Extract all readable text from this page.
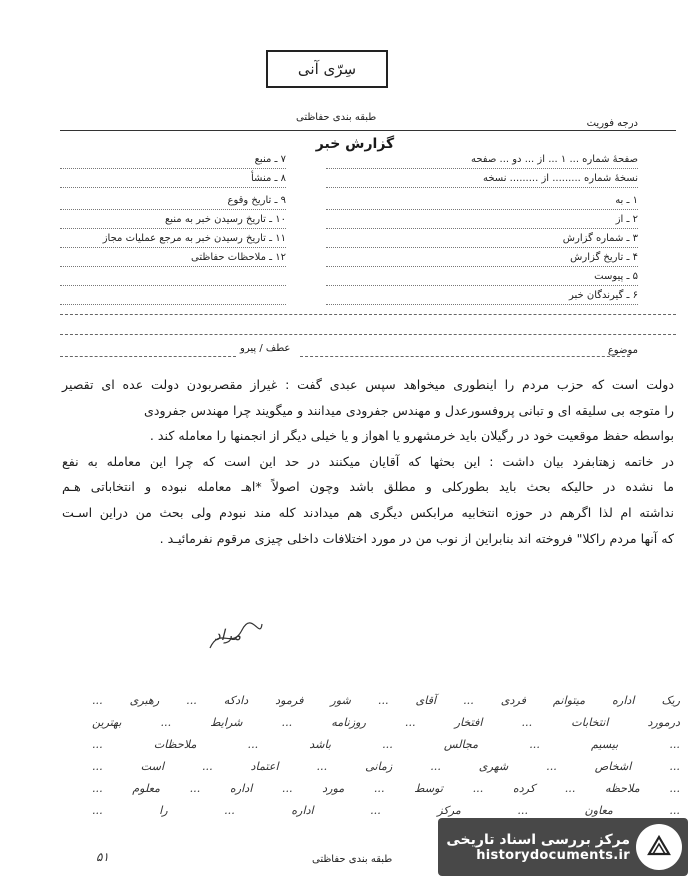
سِرّی آنی
طبقه بندی حفاظتی
درجه فوریت
گزارش خبر
صفحهٔ شماره ... ۱ ... از ... دو ... صفحه
نسخهٔ شماره ......... از ......... نسخه
۱ ـ به
۲ ـ از
۳ ـ شماره گزارش
۴ ـ تاریخ گزارش
۵ ـ پیوست
۶ ـ گیرندگان خبر
۷ ـ منبع
۸ ـ منشأ
۹ ـ تاریخ وقوع
۱۰ ـ تاریخ رسیدن خبر به منبع
۱۱ ـ تاریخ رسیدن خبر به مرجع عملیات مجاز
۱۲ ـ ملاحظات حفاظتی
موضوع
عطف / پیرو

دولت است که حزب مردم را اینطوری میخواهد سپس عبدی گفت : غیراز مقصربودن دولت عده ای تقصیر

را متوجه بی سلیقه ای و تبانی پروفسورعدل و مهندس جفرودی میدانند و میگویند چرا مهندس جفرودی

بواسطه حفظ موقعیت خود در رگیلان باید خرمشهرو یا اهواز و یا خیلی دیگر از انجمنها را معامله کند .

در خاتمه زهتابفرد بیان داشت : این بحثها که آقایان میکنند در حد این است که چرا این معامله به نفع

ما نشده در حالیکه بحث باید بطورکلی و مطلق باشد وچون اصولاً *اهـ معامله نبوده و انتخاباتی هـم

نداشته ام لذا اگرهم در حوزه انتخابیه مرابکس دیگری هم میدادند کله مند نبودم ولی بحث من دراین اسـت

که آنها مردم راکلا" فروخته اند بنابراین از نوب من در مورد اختلافات داخلی چیزی مرقوم نفرمائیـد .

مراد
ریک اداره میتوانم فردی ... آقای ... شور فرمود دادکه ... رهبری ...
درمورد انتخابات ... افتخار ... روزنامه ... شرایط ... بهترین
... بیسیم ... مجالس ... باشد ... ملاحظات ...
... اشخاص ... شهری ... زمانی ... اعتماد ... است ...
... ملاحظه ... کرده ... توسط ... مورد ... اداره ... معلوم ...
... معاون ... مرکز ... اداره ... را ...
۵۱	طبقه بندی حفاظتی
مرکز بررسی اسناد تاریخی
historydocuments.ir
